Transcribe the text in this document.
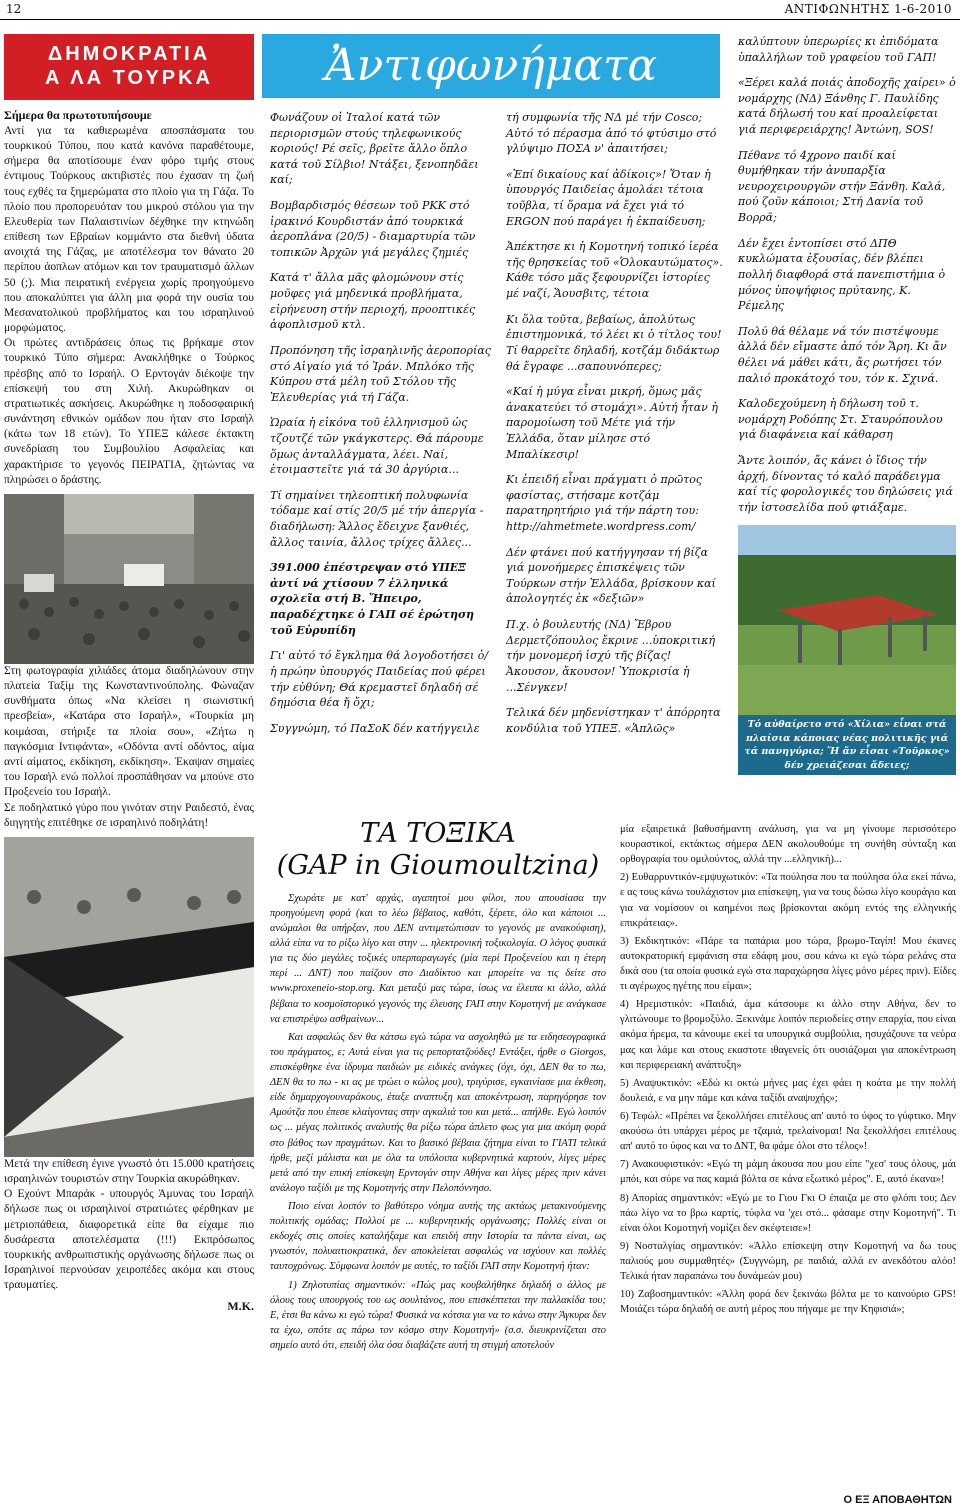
12	ΑΝΤΙΦΩΝΗΤΗΣ 1-6-2010
ΔΗΜΟΚΡΑΤΙΑ
Α ΛΑ ΤΟΥΡΚΑ
Σήμερα θα πρωτοτυπήσουμε

Αντί για τα καθιερωμένα αποσπάσματα του τουρκικού Τύπου, που κατά κανόνα παραθέτουμε, σήμερα θα αποτίσουμε έναν φόρο τιμής στους έντιμους Τούρκους ακτιβιστές που έχασαν τη ζωή τους εχθές τα ξημερώματα στο πλοίο για τη Γάζα. Το πλοίο που προπορευόταν του μικρού στόλου για την Ελευθερία των Παλαιστινίων δέχθηκε την κτηνώδη επίθεση των Εβραίων κομμάντο στα διεθνή ύδατα ανοιχτά της Γάζας, με αποτέλεσμα τον θάνατο 20 περίπου άοπλων ατόμων και τον τραυματισμό άλλων 50 (;). Μια πειρατική ενέργεια χωρίς προηγούμενο που αποκαλύπτει για άλλη μια φορά την ουσία του Μεσανατολικού προβλήματος και του ισραηλινού μορφώματος.

Οι πρώτες αντιδράσεις όπως τις βρήκαμε στον τουρκικό Τύπο σήμερα: Ανακλήθηκε ο Τούρκος πρέσβης από το Ισραήλ. Ο Ερντογάν διέκοψε την επίσκεψή του στη Χιλή. Ακυρώθηκαν οι στρατιωτικές ασκήσεις. Ακυρώθηκε η ποδοσφαιρική συνάντηση εθνικών ομάδων που ήταν στο Ισραήλ (κάτω των 18 ετών). Το ΥΠΕΞ κάλεσε έκτακτη συνεδρίαση του Συμβουλίου Ασφαλείας και χαρακτήρισε το γεγονός ΠΕΙΡΑΤΙΑ, ζητώντας να πληρώσει ο δράστης.

Στη φωτογραφία χιλιάδες άτομα διαδηλώνουν στην πλατεία Ταξίμ της Κωνσταντινούπολης. Φώναζαν συνθήματα όπως «Να κλείσει η σιωνιστική πρεσβεία», «Κατάρα στο Ισραήλ», «Τουρκία μη κοιμάσαι, στήριξε τα πλοία σου», «Ζήτω η παγκόσμια Ιντιφάντα», «Οδόντα αντί οδόντος, αίμα αντί αίματος, εκδίκηση, εκδίκηση». Έκαψαν σημαίες του Ισραήλ ενώ πολλοί προσπάθησαν να μπούνε στο Προξενείο του Ισραήλ.

Σε ποδηλατικό γύρο που γινόταν στην Ραιδεστό, ένας διηγητής επιτέθηκε σε ισραηλινό ποδηλάτη!

Μετά την επίθεση έγινε γνωστό ότι 15.000 κρατήσεις ισραηλινών τουριστών στην Τουρκία ακυρώθηκαν.

Ο Εχούντ Μπαράκ - υπουργός Άμυνας του Ισραήλ δήλωσε πως οι ισραηλινοί στρατιώτες φέρθηκαν με μετριοπάθεια, διαφορετικά είπε θα είχαμε πιο δυσάρεστα αποτελέσματα (!!!) Εκπρόσωπος τουρκικής ανθρωπιστικής οργάνωσης δήλωσε πως οι Ισραηλινοί περνούσαν χειροπέδες ακόμα και στους τραυματίες.

Μ.Κ.
Ἀντιφωνήματα

Φωνάζουν οἱ Ἰταλοί κατά τῶν περιορισμῶν στούς τηλεφωνικούς κοριούς! Ρέ σεῖς, βρεῖτε ἄλλο ὅπλο κατά τοῦ Σίλβιο! Ντάξει, ξενοπηδᾶει καί;

Βομβαρδισμός θέσεων τοῦ ΡΚΚ στό ἰρακινό Κουρδιστάν ἀπό τουρκικά ἀεροπλάνα (20/5) - διαμαρτυρία τῶν τοπικῶν Ἀρχῶν γιά μεγάλες ζημιές

Κατά τ' ἄλλα μᾶς φλομώνουν στίς μοῦφες γιά μηδενικά προβλήματα, εἰρήνευση στήν περιοχή, προοπτικές ἀφοπλισμοῦ κτλ.

Προπόνηση τῆς ἰσραηλινῆς ἀεροπορίας στό Αἰγαίο γιά τό Ἰράν. Μπλόκο τῆς Κύπρου στά μέλη τοῦ Στόλου τῆς Ἐλευθερίας γιά τή Γάζα.

Ὡραία ἡ εἰκόνα τοῦ ἑλληνισμοῦ ὡς τζουτζέ τῶν γκάγκστερς. Θά πάρουμε ὅμως ἀνταλλάγματα, λέει. Ναί, ἑτοιμαστεῖτε γιά τά 30 ἀργύρια...

Τί σημαίνει τηλεοπτική πολυφωνία τόδαμε καί στίς 20/5 μέ τήν ἀπεργία - διαδήλωση: Ἄλλος ἔδειχνε ξανθιές, ἄλλος ταινία, ἄλλος τρίχες ἄλλες...

391.000 ἐπέστρεψαν στό ΥΠΕΞ ἀντί νά χτίσουν 7 ἑλληνικά σχολεῖα στή Β. Ἤπειρο, παραδέχτηκε ὁ ΓΑΠ σέ ἐρώτηση τοῦ Εὐρυπίδη

Γι' αὐτό τό ἔγκλημα θά λογοδοτήσει ὁ/ἡ πρώην ὑπουργός Παιδείας πού φέρει τήν εὐθύνη; Θά κρεμαστεῖ δηλαδή σέ δημόσια θέα ἤ ὄχι;

Συγγνώμη, τό ΠαΣοΚ δέν κατήγγειλε

τή συμφωνία τῆς ΝΔ μέ τήν Cosco; Αὐτό τό πέρασμα ἀπό τό φτύσιμο στό γλύψιμο ΠΟΣΑ ν' ἀπαιτήσει;

«Ἐπί δικαίους καί ἀδίκοις»! Ὅταν ἡ ὑπουργός Παιδείας ἀμολάει τέτοια τοῦβλα, τί ὅραμα νά ἔχει γιά τό ERGON πού παράγει ἡ ἐκπαίδευση;

Ἀπέκτησε κι ἡ Κομοτηνή τοπικό ἱερέα τῆς θρησκείας τοῦ «Ὁλοκαυτώματος». Κάθε τόσο μᾶς ξεφουρνίζει ἱστορίες μέ ναζί, Ἄουσβιτς, τέτοια

Κι ὅλα τοῦτα, βεβαίως, ἀπολύτως ἐπιστημονικά, τό λέει κι ὁ τίτλος του! Τί θαρρεῖτε δηλαδή, κοτζάμ διδάκτωρ θά ἔγραφε ...σαπουνόπερες;

«Καί ἡ μύγα εἶναι μικρή, ὅμως μᾶς ἀνακατεύει τό στομάχι». Αὐτή ἦταν ἡ παρομοίωση τοῦ Μέτε γιά τήν Ἑλλάδα, ὅταν μίλησε στό Μπαλίκεσιρ!

Κι ἐπειδή εἶναι πράγματι ὁ πρῶτος φασίστας, στήσαμε κοτζάμ παρατηρητήριο γιά τήν πάρτη του: http://ahmetmete.wordpress.com/

Δέν φτάνει πού κατήγγησαν τή βίζα γιά μονοήμερες ἐπισκέψεις τῶν Τούρκων στήν Ἑλλάδα, βρίσκουν καί ἀπολογητές ἐκ «δεξιῶν»

Π.χ. ὁ βουλευτής (ΝΔ) Ἔβρου Δερμετζόπουλος ἔκρινε ...ὑποκριτική τήν μονομερή ἰσχύ τῆς βίζας! Ἀκουσον, ἄκουσον! Ὑποκρισία ἡ ...Σένγκεν!

Τελικά δέν μηδενίστηκαν τ' ἀπόρρητα κονδύλια τοῦ ΥΠΕΞ. «Ἁπλῶς»

καλύπτουν ὑπερωρίες κι ἐπιδόματα ὑπαλλήλων τοῦ γραφείου τοῦ ΓΑΠ!

«Ξέρει καλά ποιάς ἀποδοχῆς χαίρει» ὁ νομάρχης (ΝΔ) Ξάνθης Γ. Παυλίδης κατά δήλωσή του καί προαλείφεται γιά περιφερειάρχης! Ἀντώνη, SOS!

Πέθανε τό 4χρονο παιδί καί θυμήθηκαν τήν ἀνυπαρξία νευροχειρουργῶν στήν Ξάνθη. Καλά, πού ζοῦν κάποιοι; Στή Δανία τοῦ Βορρᾶ;

Δέν ἔχει ἐντοπίσει στό ΔΠΘ κυκλώματα ἐξουσίας, δέν βλέπει πολλή διαφθορά στά πανεπιστήμια ὁ μόνος ὑποψήφιος πρύτανης, Κ. Ρέμελης

Πολύ θά θέλαμε νά τόν πιστέψουμε ἀλλά δέν εἴμαστε ἀπό τόν Ἄρη. Κι ἄν θέλει νά μάθει κάτι, ἄς ρωτήσει τόν παλιό προκάτοχό του, τόν κ. Σχινά.

Καλοδεχούμενη ἡ δήλωση τοῦ τ. νομάρχη Ροδόπης Στ. Σταυρόπουλου γιά διαφάνεια καί κάθαρση

Ἄντε λοιπόν, ἄς κάνει ὁ ἴδιος τήν ἀρχή, δίνοντας τό καλό παράδειγμα καί τίς φορολογικές του δηλώσεις γιά τήν ἰστοσελίδα πού φτιάξαμε.

Τό αὐθαίρετο στό «Χίλια» εἶναι στά πλαίσια κάποιας νέας πολιτικῆς γιά τά πανηγύρια; Ἤ ἄν εἶσαι «Τοῦρκος» δέν χρειάζεσαι ἄδειες;
ΤΑ ΤΟΞΙΚΑ
(GAP in Gioumoultzina)

Σχωράτε με κατ' αρχάς, αγαπητοί μου φίλοι, που απουσίασα την προηγούμενη φορά (και το λέω βέβαιος, καθότι, ξέρετε, όλο και κάποιοι ... ανώμαλοι θα υπήρξαν, που ΔΕΝ αντιμετώπισαν το γεγονός με ανακούφιση), αλλά είπα να το ρίξω λίγο και στην ... ηλεκτρονική τοξικολογία. Ο λόγος φυσικά για τις δύο μεγάλες τοξικές υπερπαραγωγές (μία περί Προξενείου και η έτερη περί ... ΔΝΤ) που παίζουν στο Διαδίκτυο και μπορείτε να τις δείτε στο www.proxeneio-stop.org. Και μεταξύ μας τώρα, ίσως να έλειπα κι άλλο, αλλά βέβαια το κοσμοϊστορικό γεγονός της έλευσης ΓΑΠ στην Κομοτηνή με ανάγκασε να επιστρέψω ασθμαίνων...

Και ασφαλώς δεν θα κάτσω εγώ τώρα να ασχοληθώ με τα ειδησεογραφικά του πράγματος, ε; Αυτά είναι για τις ρεπορτατζούδες! Εντάξει, ήρθε ο Giorgos, επισκέφθηκε ένα ίδρυμα παιδιών με ειδικές ανάγκες (όχι, όχι, ΔΕΝ θα το πω, ΔΕΝ θα το πω - κι ας με τρώει ο κώλος μου), τριγύρισε, εγκαινίασε μια έκθεση, είδε δημαρχογουναράκους, έταξε αναπτυξη και αποκέντρωση, παρηγόρησε τον Αμούτζα που έπεσε κλαίγοντας στην αγκαλιά του και μετά... απήλθε. Εγώ λοιπόν ως ... μέγας πολιτικός αναλυτής θα ρίξω τώρα άπλετο φως για μια ακόμη φορά στο βάθος των πραγμάτων. Και το βασικό βέβαια ζήτημα είναι το ΓΙΑΤΙ τελικά ήρθε, μεζί μάλιστα και με όλα τα υπόλοιπα κυβερνητικά καρτούν, λίγες μέρες μετά από την επική επίσκεψη Ερντογάν στην Αθήνα και λίγες μέρες πριν κάνει ανάλογο ταξίδι με της Κομοτηνής στην Πελοπόννησο.

Ποιο είναι λοιπόν το βαθύτερο νόημα αυτής της ακτάως μετακινούμενης πολιτικής ομάδας; Πολλοί με ... κυβερνητικής οργάνωσης; Πολλές είναι οι εκδοχές στις οποίες καταλήξαμε και επειδή στην Ιστορία τα πάντα είναι, ως γνωστόν, πολυαιτιοκρατικά, δεν αποκλείεται ασφαλώς να ισχύουν και πολλές ταυτοχρόνως. Σύμφωνα λοιπόν με αυτές, το ταξίδι ΓΑΠ στην Κομοτηνή ήταν:

1) Ζηλοτυπίας σημαντικόν: «Πώς μας κουβαλήθηκε δηλαδή ο άλλος με όλους τους υπουργούς του ως σουλτάνος, που επισκέπτεται την παλλακίδα του; Ε, έτσι θα κάνω κι εγώ τώρα! Φυσικά να κότσια για να το κάνω στην Άγκυρα δεν τα έχω, οπότε ας πάρω τον κόσμο στην Κομοτηνή» (σ.σ. διευκρινίζεται στο σημείο αυτό ότι, επειδή όλα όσα διαβάζετε αυτή τη στιγμή αποτελούν

μία εξαιρετικά βαθυσήμαντη ανάλυση, για να μη γίνουμε περισσότερο κουραστικοί, εκτάκτως σήμερα ΔΕΝ ακολουθούμε τη συνήθη σύνταξη και ορθογραφία του ομιλούντος, αλλά την ...ελληνική)...

2) Ευθαρρυντικόν-εμψυχωτικόν: «Τα πούλησα που τα πούλησα όλα εκεί πάνω, ε ας τους κάνω τουλάχιστον μια επίσκεψη, για να τους δώσω λίγο κουράγιο και για να νομίσουν οι καημένοι πως βρίσκονται ακόμη εντός της ελληνικής επικράτειας».

3) Εκδικητικόν: «Πάρε τα παπάρια μου τώρα, βρωμο-Ταγίπ! Μου έκανες αυτοκρατορική εμφάνιση στα εδάφη μου, σου κάνω κι εγώ τώρα ρελάνς στα δικά σου (τα οποία φυσικά εγώ στα παραχώρησα λίγες μόνο μέρες πριν). Είδες τι αγέρωχος ηγέτης που είμαι»;

4) Ηρεμιστικόν: «Παιδιά, άμα κάτσουμε κι άλλο στην Αθήνα, δεν το γλιτώνουμε το βρομοξύλο. Ξεκινάμε λοιπόν περιοδείες στην επαρχία, που είναι ακόμα ήρεμα, τα κάνουμε εκεί τα υπουργικά συμβούλια, ησυχάζουνε τα νεύρα μας και λάμε και στους εκαστοτε ιθαγενείς ότι ουσιάζομαι για αποκέντρωση και περιφερειακή ανάπτυξη»

5) Αναψυκτικόν: «Εδώ κι οκτώ μήνες μας έχει φάει η κοάτα με την πολλή δουλειά, ε να μην πάμε και κάνα ταξίδι αναψυχής»;

6) Τεφώλ: «Πρέπει να ξεκολλήσει επιτέλους απ' αυτό το ύφος το γύφτικο. Μην ακούσω ότι υπάρχει μέρος με τζαμιά, τρελαίνομαι! Να ξεκολλήσει επιτέλους απ' αυτό το ύφος και να το ΔΝΤ, θα φάμε όλοι στο τέλος»!

7) Ανακουφιστικόν: «Εγώ τη μάμη άκουσα που μου είπε "χεσ' τους όλους, μάι μπόι, και σύρε να πας καμιά βόλτα σε κάνα εξωτικό μέρος". Ε, αυτό έκανα»!

8) Απορίας σημαντικόν: «Εγώ με το Γιου Γκι Ο έπαιζα με στο φλόπι του; Δεν πάω λίγο να το βρω καρτίς, τύφλα να 'χει στό... φάσαμε στην Κομοτηνή". Τι είναι όλοι Κομοτηνή νομίζει δεν σκέφτεισε»!

9) Νοσταλγίας σημαντικόν: «Άλλο επίσκεψη στην Κομοτηνή να δω τους παλιούς μου συμμαθητές» (Συγγνώμη, ρε παιδιά, αλλά εν ανεκδότου αλόο! Τελικά ήταν παραπάνω του δυνάμεών μου)

10) Ζαβοσημαντικόν: «Άλλη φορά δεν ξεκινάω βόλτα με το καινούριο GPS! Μοιάζει τώρα δηλαδή σε αυτή μέρος που πήγαμε με την Κηφισιά»;

Ο ΕΞ ΑΠΟΒΑΘΗΤΩΝ
